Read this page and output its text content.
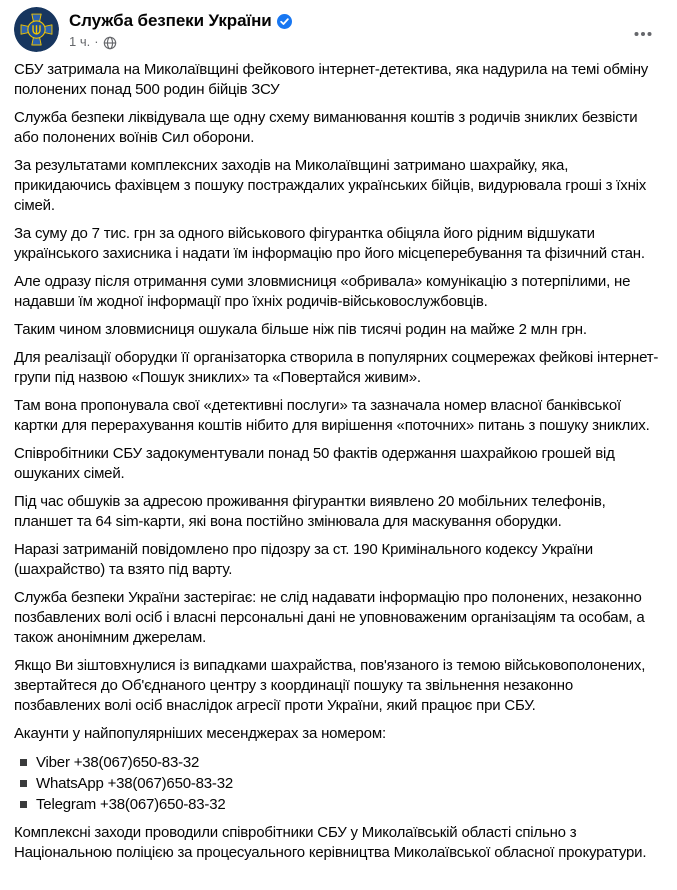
Служба безпеки України
1 ч. ·

СБУ затримала на Миколаївщині фейкового інтернет-детектива, яка надурила на темі обміну полонених понад 500 родин бійців ЗСУ

Служба безпеки ліквідувала ще одну схему виманювання коштів з родичів зниклих безвісти або полонених воїнів Сил оборони.

За результатами комплексних заходів на Миколаївщині затримано шахрайку, яка, прикидаючись фахівцем з пошуку постраждалих українських бійців, видурювала гроші з їхніх сімей.

За суму до 7 тис. грн за одного військового фігурантка обіцяла його рідним відшукати українського захисника і надати їм інформацію про його місцеперебування та фізичний стан.

Але одразу після отримання суми зловмисниця «обривала» комунікацію з потерпілими, не надавши їм жодної інформації про їхніх родичів-військовослужбовців.

Таким чином зловмисниця ошукала більше ніж пів тисячі родин на майже 2 млн грн.

Для реалізації оборудки її організаторка створила в популярних соцмережах фейкові інтернет-групи під назвою «Пошук зниклих» та «Повертайся живим».

Там вона пропонувала свої «детективні послуги» та зазначала номер власної банківської картки для перерахування коштів нібито для вирішення «поточних» питань з пошуку зниклих.

Співробітники СБУ задокументували понад 50 фактів одержання шахрайкою грошей від ошуканих сімей.

Під час обшуків за адресою проживання фігурантки виявлено 20 мобільних телефонів, планшет та 64 sim-карти, які вона постійно змінювала для маскування оборудки.

Наразі затриманій повідомлено про підозру за ст. 190 Кримінального кодексу України (шахрайство) та взято під варту.

Служба безпеки України застерігає: не слід надавати інформацію про полонених, незаконно позбавлених волі осіб і власні персональні дані не уповноваженим організаціям та особам, а також анонімним джерелам.

Якщо Ви зіштовхнулися із випадками шахрайства, пов'язаного із темою військовополонених, звертайтеся до Об'єднаного центру з координації пошуку та звільнення незаконно позбавлених волі осіб внаслідок агресії проти України, який працює при СБУ.

Акаунти у найпопулярніших месенджерах за номером:

Viber +38(067)650-83-32
WhatsApp +38(067)650-83-32
Telegram +38(067)650-83-32

Комплексні заходи проводили співробітники СБУ у Миколаївській області спільно з Національною поліцією за процесуального керівництва Миколаївської обласної прокуратури.
